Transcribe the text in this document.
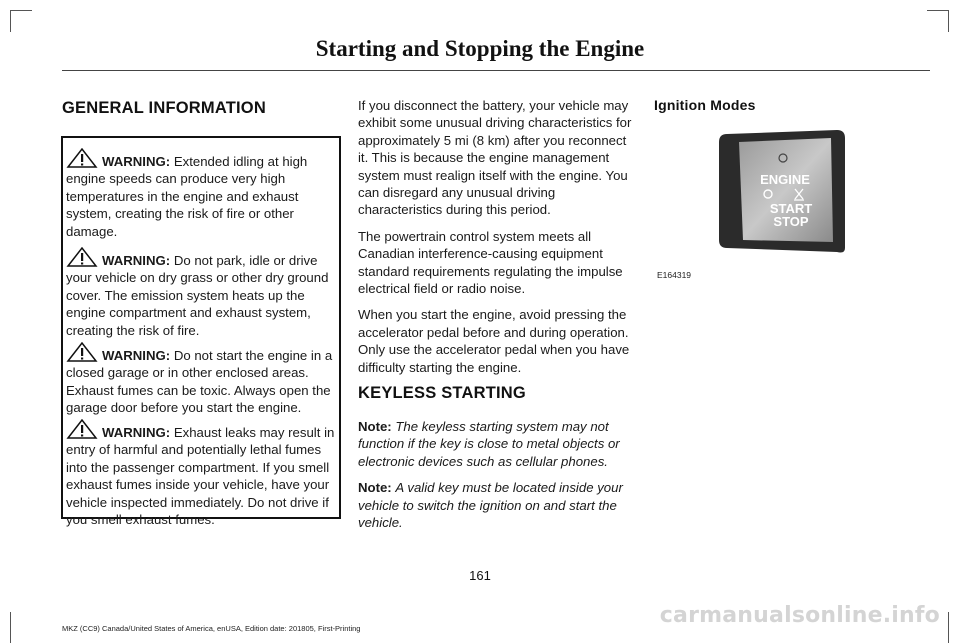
Starting and Stopping the Engine
GENERAL INFORMATION
WARNING: Extended idling at high engine speeds can produce very high temperatures in the engine and exhaust system, creating the risk of fire or other damage.
WARNING: Do not park, idle or drive your vehicle on dry grass or other dry ground cover. The emission system heats up the engine compartment and exhaust system, creating the risk of fire.
WARNING: Do not start the engine in a closed garage or in other enclosed areas. Exhaust fumes can be toxic. Always open the garage door before you start the engine.
WARNING: Exhaust leaks may result in entry of harmful and potentially lethal fumes into the passenger compartment. If you smell exhaust fumes inside your vehicle, have your vehicle inspected immediately. Do not drive if you smell exhaust fumes.

If you disconnect the battery, your vehicle may exhibit some unusual driving characteristics for approximately 5 mi (8 km) after you reconnect it. This is because the engine management system must realign itself with the engine. You can disregard any unusual driving characteristics during this period.

The powertrain control system meets all Canadian interference-causing equipment standard requirements regulating the impulse electrical field or radio noise.

When you start the engine, avoid pressing the accelerator pedal before and during operation. Only use the accelerator pedal when you have difficulty starting the engine.

KEYLESS STARTING

Note: The keyless starting system may not function if the key is close to metal objects or electronic devices such as cellular phones.

Note: A valid key must be located inside your vehicle to switch the ignition on and start the vehicle.

Ignition Modes
ENGINE
START
STOP
E164319
161
MKZ (CC9) Canada/United States of America, enUSA, Edition date: 201805, First-Printing
carmanualsonline.info
